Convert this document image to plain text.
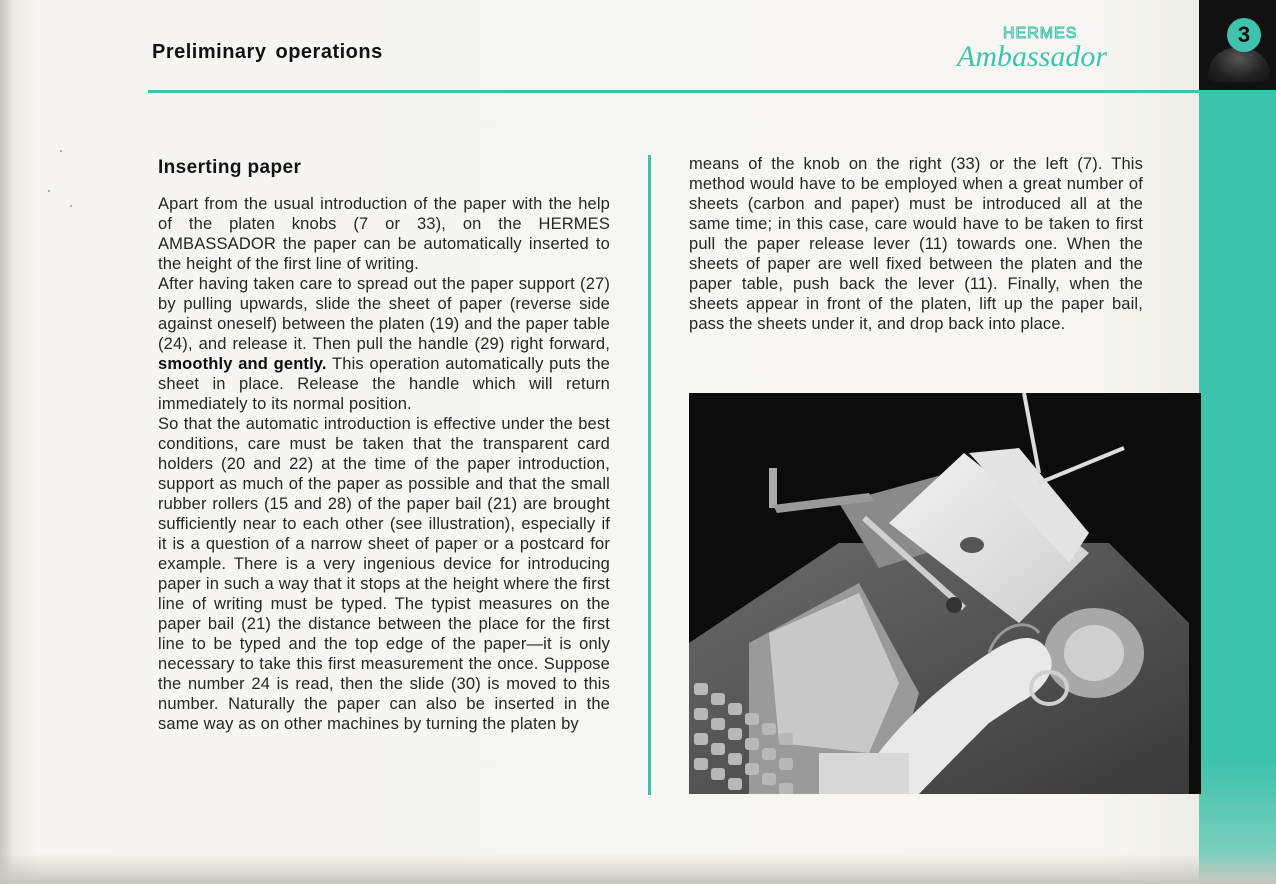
3
Preliminary operations
HERMES
Ambassador
Inserting paper

Apart from the usual introduction of the paper with the help of the platen knobs (7 or 33), on the HERMES AMBASSADOR the paper can be automatically inserted to the height of the first line of writing.

After having taken care to spread out the paper support (27) by pulling upwards, slide the sheet of paper (reverse side against oneself) between the platen (19) and the paper table (24), and release it. Then pull the handle (29) right forward, smoothly and gently. This operation automatically puts the sheet in place. Release the handle which will return immediately to its normal position.

So that the automatic introduction is effective under the best conditions, care must be taken that the transparent card holders (20 and 22) at the time of the paper introduction, support as much of the paper as possible and that the small rubber rollers (15 and 28) of the paper bail (21) are brought sufficiently near to each other (see illustration), especially if it is a question of a narrow sheet of paper or a postcard for example. There is a very ingenious device for introducing paper in such a way that it stops at the height where the first line of writing must be typed. The typist measures on the paper bail (21) the distance between the place for the first line to be typed and the top edge of the paper—it is only necessary to take this first measurement the once. Suppose the number 24 is read, then the slide (30) is moved to this number. Naturally the paper can also be inserted in the same way as on other machines by turning the platen by

means of the knob on the right (33) or the left (7). This method would have to be employed when a great number of sheets (carbon and paper) must be introduced all at the same time; in this case, care would have to be taken to first pull the paper release lever (11) towards one. When the sheets of paper are well fixed between the platen and the paper table, push back the lever (11). Finally, when the sheets appear in front of the platen, lift up the paper bail, pass the sheets under it, and drop back into place.
